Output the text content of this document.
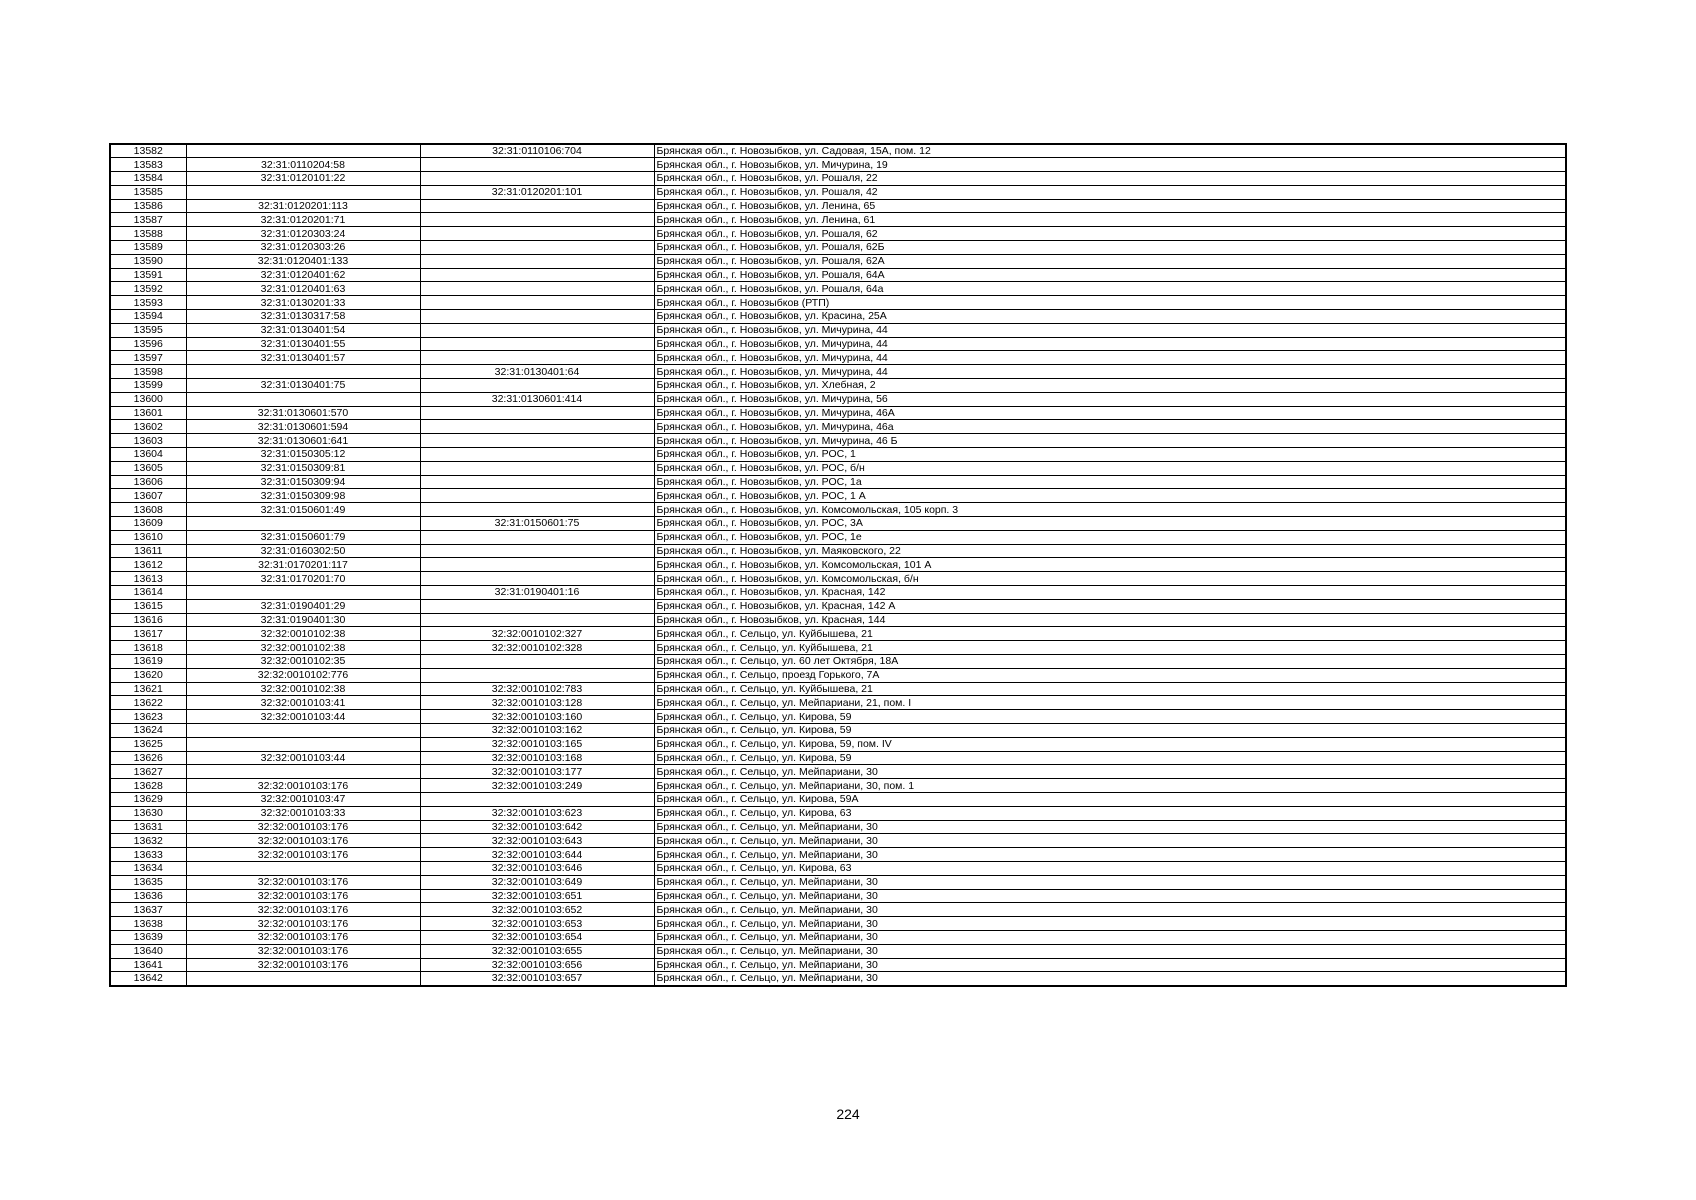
13582		32:31:0110106:704	Брянская обл., г. Новозыбков, ул. Садовая, 15А, пом. 12
13583	32:31:0110204:58		Брянская обл., г. Новозыбков, ул. Мичурина, 19
13584	32:31:0120101:22		Брянская обл., г. Новозыбков, ул. Рошаля, 22
13585		32:31:0120201:101	Брянская обл., г. Новозыбков, ул. Рошаля, 42
13586	32:31:0120201:113		Брянская обл., г. Новозыбков, ул. Ленина, 65
13587	32:31:0120201:71		Брянская обл., г. Новозыбков, ул. Ленина, 61
13588	32:31:0120303:24		Брянская обл., г. Новозыбков, ул. Рошаля, 62
13589	32:31:0120303:26		Брянская обл., г. Новозыбков, ул. Рошаля, 62Б
13590	32:31:0120401:133		Брянская обл., г. Новозыбков, ул. Рошаля, 62А
13591	32:31:0120401:62		Брянская обл., г. Новозыбков, ул. Рошаля, 64А
13592	32:31:0120401:63		Брянская обл., г. Новозыбков, ул. Рошаля, 64а
13593	32:31:0130201:33		Брянская обл., г. Новозыбков (РТП)
13594	32:31:0130317:58		Брянская обл., г. Новозыбков, ул. Красина, 25А
13595	32:31:0130401:54		Брянская обл., г. Новозыбков, ул. Мичурина, 44
13596	32:31:0130401:55		Брянская обл., г. Новозыбков, ул. Мичурина, 44
13597	32:31:0130401:57		Брянская обл., г. Новозыбков, ул. Мичурина, 44
13598		32:31:0130401:64	Брянская обл., г. Новозыбков, ул. Мичурина, 44
13599	32:31:0130401:75		Брянская обл., г. Новозыбков, ул. Хлебная, 2
13600		32:31:0130601:414	Брянская обл., г. Новозыбков, ул. Мичурина, 56
13601	32:31:0130601:570		Брянская обл., г. Новозыбков, ул. Мичурина, 46А
13602	32:31:0130601:594		Брянская обл., г. Новозыбков, ул. Мичурина, 46а
13603	32:31:0130601:641		Брянская обл., г. Новозыбков, ул. Мичурина, 46 Б
13604	32:31:0150305:12		Брянская обл., г. Новозыбков, ул. РОС, 1
13605	32:31:0150309:81		Брянская обл., г. Новозыбков, ул. РОС, б/н
13606	32:31:0150309:94		Брянская обл., г. Новозыбков, ул. РОС, 1а
13607	32:31:0150309:98		Брянская обл., г. Новозыбков, ул. РОС, 1 А
13608	32:31:0150601:49		Брянская обл., г. Новозыбков, ул. Комсомольская, 105 корп. 3
13609		32:31:0150601:75	Брянская обл., г. Новозыбков, ул. РОС, 3А
13610	32:31:0150601:79		Брянская обл., г. Новозыбков, ул. РОС, 1е
13611	32:31:0160302:50		Брянская обл., г. Новозыбков, ул. Маяковского, 22
13612	32:31:0170201:117		Брянская обл., г. Новозыбков, ул. Комсомольская, 101 А
13613	32:31:0170201:70		Брянская обл., г. Новозыбков, ул. Комсомольская, б/н
13614		32:31:0190401:16	Брянская обл., г. Новозыбков, ул. Красная, 142
13615	32:31:0190401:29		Брянская обл., г. Новозыбков, ул. Красная, 142 А
13616	32:31:0190401:30		Брянская обл., г. Новозыбков, ул. Красная, 144
13617	32:32:0010102:38	32:32:0010102:327	Брянская обл., г. Сельцо, ул. Куйбышева, 21
13618	32:32:0010102:38	32:32:0010102:328	Брянская обл., г. Сельцо, ул. Куйбышева, 21
13619	32:32:0010102:35		Брянская обл., г. Сельцо, ул. 60 лет Октября, 18А
13620	32:32:0010102:776		Брянская обл., г. Сельцо, проезд Горького, 7А
13621	32:32:0010102:38	32:32:0010102:783	Брянская обл., г. Сельцо, ул. Куйбышева, 21
13622	32:32:0010103:41	32:32:0010103:128	Брянская обл., г. Сельцо, ул. Мейпариани, 21, пом. I
13623	32:32:0010103:44	32:32:0010103:160	Брянская обл., г. Сельцо, ул. Кирова, 59
13624		32:32:0010103:162	Брянская обл., г. Сельцо, ул. Кирова, 59
13625		32:32:0010103:165	Брянская обл., г. Сельцо, ул. Кирова, 59, пом. IV
13626	32:32:0010103:44	32:32:0010103:168	Брянская обл., г. Сельцо, ул. Кирова, 59
13627		32:32:0010103:177	Брянская обл., г. Сельцо, ул. Мейпариани, 30
13628	32:32:0010103:176	32:32:0010103:249	Брянская обл., г. Сельцо, ул. Мейпариани, 30, пом. 1
13629	32:32:0010103:47		Брянская обл., г. Сельцо, ул. Кирова, 59А
13630	32:32:0010103:33	32:32:0010103:623	Брянская обл., г. Сельцо, ул. Кирова, 63
13631	32:32:0010103:176	32:32:0010103:642	Брянская обл., г. Сельцо, ул. Мейпариани, 30
13632	32:32:0010103:176	32:32:0010103:643	Брянская обл., г. Сельцо, ул. Мейпариани, 30
13633	32:32:0010103:176	32:32:0010103:644	Брянская обл., г. Сельцо, ул. Мейпариани, 30
13634		32:32:0010103:646	Брянская обл., г. Сельцо, ул. Кирова, 63
13635	32:32:0010103:176	32:32:0010103:649	Брянская обл., г. Сельцо, ул. Мейпариани, 30
13636	32:32:0010103:176	32:32:0010103:651	Брянская обл., г. Сельцо, ул. Мейпариани, 30
13637	32:32:0010103:176	32:32:0010103:652	Брянская обл., г. Сельцо, ул. Мейпариани, 30
13638	32:32:0010103:176	32:32:0010103:653	Брянская обл., г. Сельцо, ул. Мейпариани, 30
13639	32:32:0010103:176	32:32:0010103:654	Брянская обл., г. Сельцо, ул. Мейпариани, 30
13640	32:32:0010103:176	32:32:0010103:655	Брянская обл., г. Сельцо, ул. Мейпариани, 30
13641	32:32:0010103:176	32:32:0010103:656	Брянская обл., г. Сельцо, ул. Мейпариани, 30
13642		32:32:0010103:657	Брянская обл., г. Сельцо, ул. Мейпариани, 30
224
